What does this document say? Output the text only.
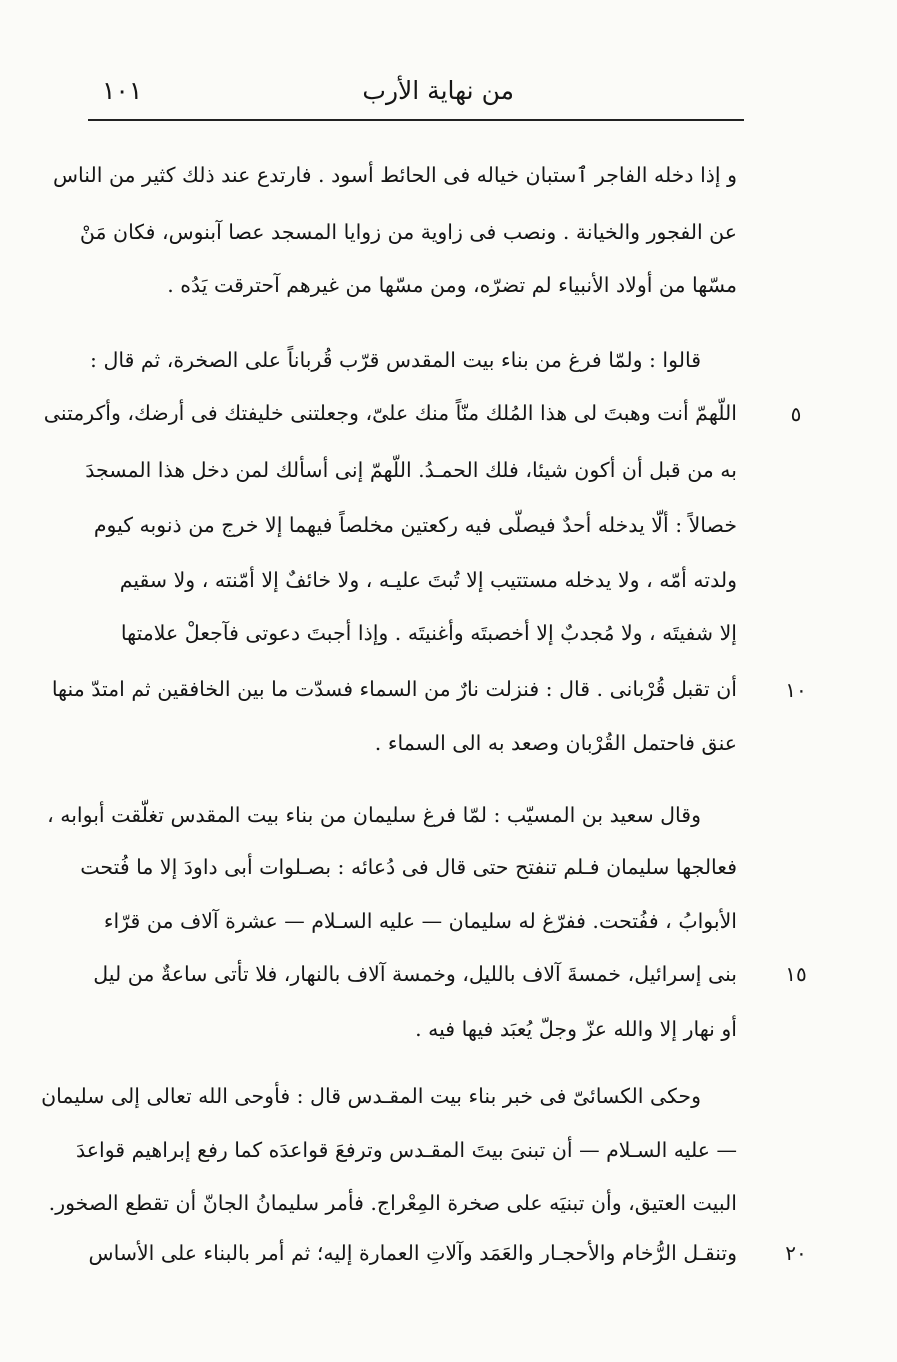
من نهاية الأرب
١٠١
و إذا دخله الفاجر ٱستبان خياله فى الحائط أسود . فارتدع عند ذلك كثير من الناس
عن الفجور والخيانة . ونصب فى زاوية من زوايا المسجد عصا آبنوس، فكان مَنْ
مسّها من أولاد الأنبياء لم تضرّه، ومن مسّها من غيرهم آحترقت يَدُه .
قالوا : ولمّا فرغ من بناء بيت المقدس قرّب قُرباناً على الصخرة، ثم قال :
اللّهمّ أنت وهبتَ لى هذا المُلك منّاً منك علىّ، وجعلتنى خليفتك فى أرضك، وأكرمتنى
به من قبل أن أكون شيئا، فلك الحمـدُ. اللّهمّ إنى أسألك لمن دخل هذا المسجدَ
خصالاً : ألّا يدخله أحدٌ فيصلّى فيه ركعتين مخلصاً فيهما إلا خرج من ذنوبه كيوم
ولدته أمّه ، ولا يدخله مستتيب إلا تُبتَ عليـه ، ولا خائفٌ إلا أمّنته ، ولا سقيم
إلا شفيتَه ، ولا مُجدبٌ إلا أخصبتَه وأغنيتَه . وإذا أجبتَ دعوتى فآجعلْ علامتها
أن تقبل قُرْبانى . قال : فنزلت نارٌ من السماء فسدّت ما بين الخافقين ثم امتدّ منها
عنق فاحتمل القُرْبان وصعد به الى السماء .
وقال سعيد بن المسيّب : لمّا فرغ سليمان من بناء بيت المقدس تغلّقت أبوابه ،
فعالجها سليمان فـلم تنفتح حتى قال فى دُعائه : بصـلوات أبى داودَ إلا ما فُتحت
الأبوابُ ، ففُتحت. ففرّغ له سليمان — عليه السـلام — عشرة آلاف من قرّاء
بنى إسرائيل، خمسةَ آلاف بالليل، وخمسة آلاف بالنهار، فلا تأتى ساعةٌ من ليل
أو نهار إلا والله عزّ وجلّ يُعبَد فيها فيه .
وحكى الكسائىّ فى خبر بناء بيت المقـدس قال : فأوحى الله تعالى إلى سليمان
— عليه السـلام — أن تبنىَ بيتَ المقـدس وترفعَ قواعدَه كما رفع إبراهيم قواعدَ
البيت العتيق، وأن تبنيَه على صخرة المِعْراج. فأمر سليمانُ الجانّ أن تقطع الصخور.
وتنقـل الرُّخام والأحجـار والعَمَد وآلاتِ العمارة إليه؛ ثم أمر بالبناء على الأساس
٥
١٠
١٥
٢٠
